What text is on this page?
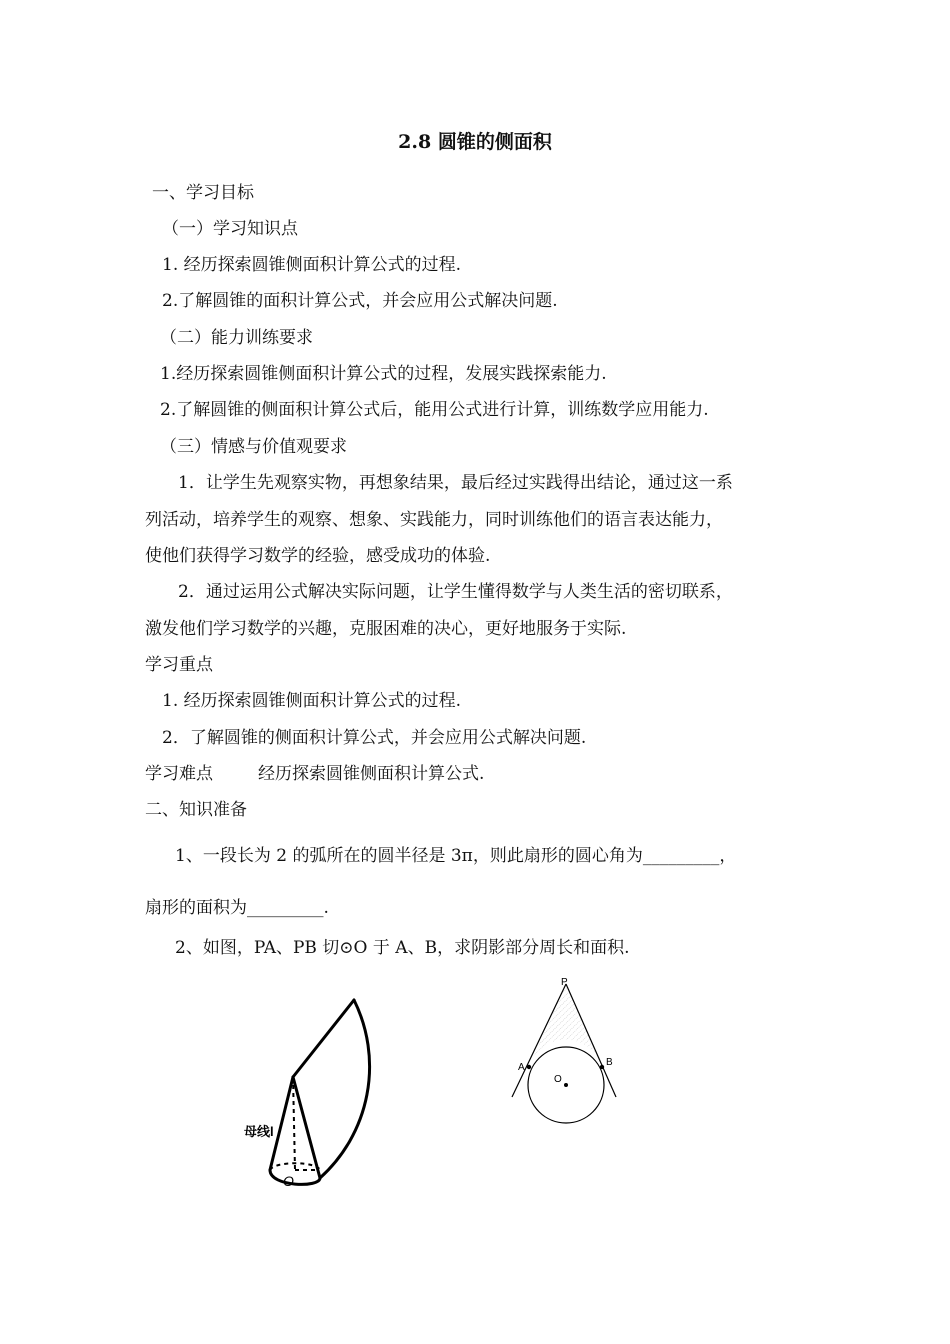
2.8 圆锥的侧面积
一、学习目标
（一）学习知识点
1. 经历探索圆锥侧面积计算公式的过程.
2.了解圆锥的面积计算公式，并会应用公式解决问题.
（二）能力训练要求
1.经历探索圆锥侧面积计算公式的过程，发展实践探索能力.
2.了解圆锥的侧面积计算公式后，能用公式进行计算，训练数学应用能力.
（三）情感与价值观要求
1．让学生先观察实物，再想象结果，最后经过实践得出结论，通过这一系
列活动，培养学生的观察、想象、实践能力，同时训练他们的语言表达能力，
使他们获得学习数学的经验，感受成功的体验.
2．通过运用公式解决实际问题，让学生懂得数学与人类生活的密切联系，
激发他们学习数学的兴趣，克服困难的决心，更好地服务于实际.
学习重点
1. 经历探索圆锥侧面积计算公式的过程.
2．了解圆锥的侧面积计算公式，并会应用公式解决问题.
学习难点	经历探索圆锥侧面积计算公式.
二、知识准备
1、一段长为 2 的弧所在的圆半径是 3π，则此扇形的圆心角为_________，
扇形的面积为_________.
2、如图，PA、PB 切⊙O 于 A、B，求阴影部分周长和面积.
母线l
O
P
A	B
O
